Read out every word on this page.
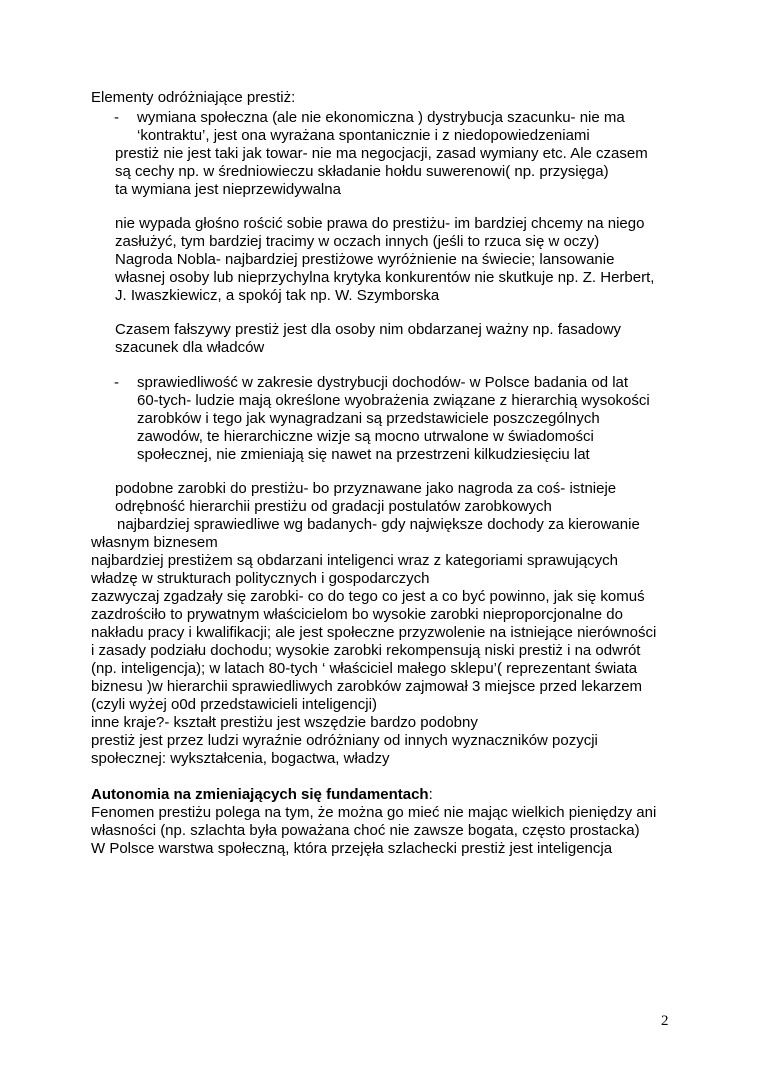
Elementy odróżniające prestiż:
- wymiana społeczna (ale nie ekonomiczna ) dystrybucja szacunku- nie ma
‘kontraktu’, jest ona wyrażana spontanicznie i z niedopowiedzeniami
prestiż nie jest taki jak towar- nie ma negocjacji, zasad wymiany etc. Ale czasem
są cechy np. w średniowieczu składanie hołdu suwerenowi( np. przysięga)
ta wymiana jest nieprzewidywalna
nie wypada głośno rościć sobie prawa do prestiżu- im bardziej chcemy na niego
zasłużyć, tym bardziej tracimy w oczach innych (jeśli to rzuca się w oczy)
Nagroda Nobla- najbardziej prestiżowe wyróżnienie na świecie; lansowanie
własnej osoby lub nieprzychylna krytyka konkurentów nie skutkuje np. Z. Herbert,
J. Iwaszkiewicz, a spokój tak np. W. Szymborska
Czasem fałszywy prestiż jest dla osoby nim obdarzanej ważny np. fasadowy
szacunek dla władców
- sprawiedliwość w zakresie dystrybucji dochodów- w Polsce badania od lat
60-tych- ludzie mają określone wyobrażenia związane z hierarchią wysokości
zarobków i tego jak wynagradzani są przedstawiciele poszczególnych
zawodów, te hierarchiczne wizje są mocno utrwalone w świadomości
społecznej, nie zmieniają się nawet na przestrzeni kilkudziesięciu lat
podobne zarobki do prestiżu- bo przyznawane jako nagroda za coś- istnieje
odrębność hierarchii prestiżu od gradacji postulatów zarobkowych
najbardziej sprawiedliwe wg badanych- gdy największe dochody za kierowanie
własnym biznesem
najbardziej prestiżem są obdarzani inteligenci wraz z kategoriami sprawujących
władzę w strukturach politycznych i gospodarczych
zazwyczaj zgadzały się zarobki- co do tego co jest a co być powinno, jak się komuś
zazdrościło to prywatnym właścicielom bo wysokie zarobki nieproporcjonalne do
nakładu pracy i kwalifikacji; ale jest społeczne przyzwolenie na istniejące nierówności
i zasady podziału dochodu; wysokie zarobki rekompensują niski prestiż i na odwrót
(np. inteligencja); w latach 80-tych ‘ właściciel małego sklepu’( reprezentant świata
biznesu )w hierarchii sprawiedliwych zarobków zajmował 3 miejsce przed lekarzem
(czyli wyżej o0d przedstawicieli inteligencji)
inne kraje?- kształt prestiżu jest wszędzie bardzo podobny
prestiż jest przez ludzi wyraźnie odróżniany od innych wyznaczników pozycji
społecznej: wykształcenia, bogactwa, władzy
Autonomia na zmieniających się fundamentach:
Fenomen prestiżu polega na tym, że można go mieć nie mając wielkich pieniędzy ani
własności (np. szlachta była poważana choć nie zawsze bogata, często prostacka)
W Polsce warstwa społeczną, która przejęła szlachecki prestiż jest inteligencja
2
